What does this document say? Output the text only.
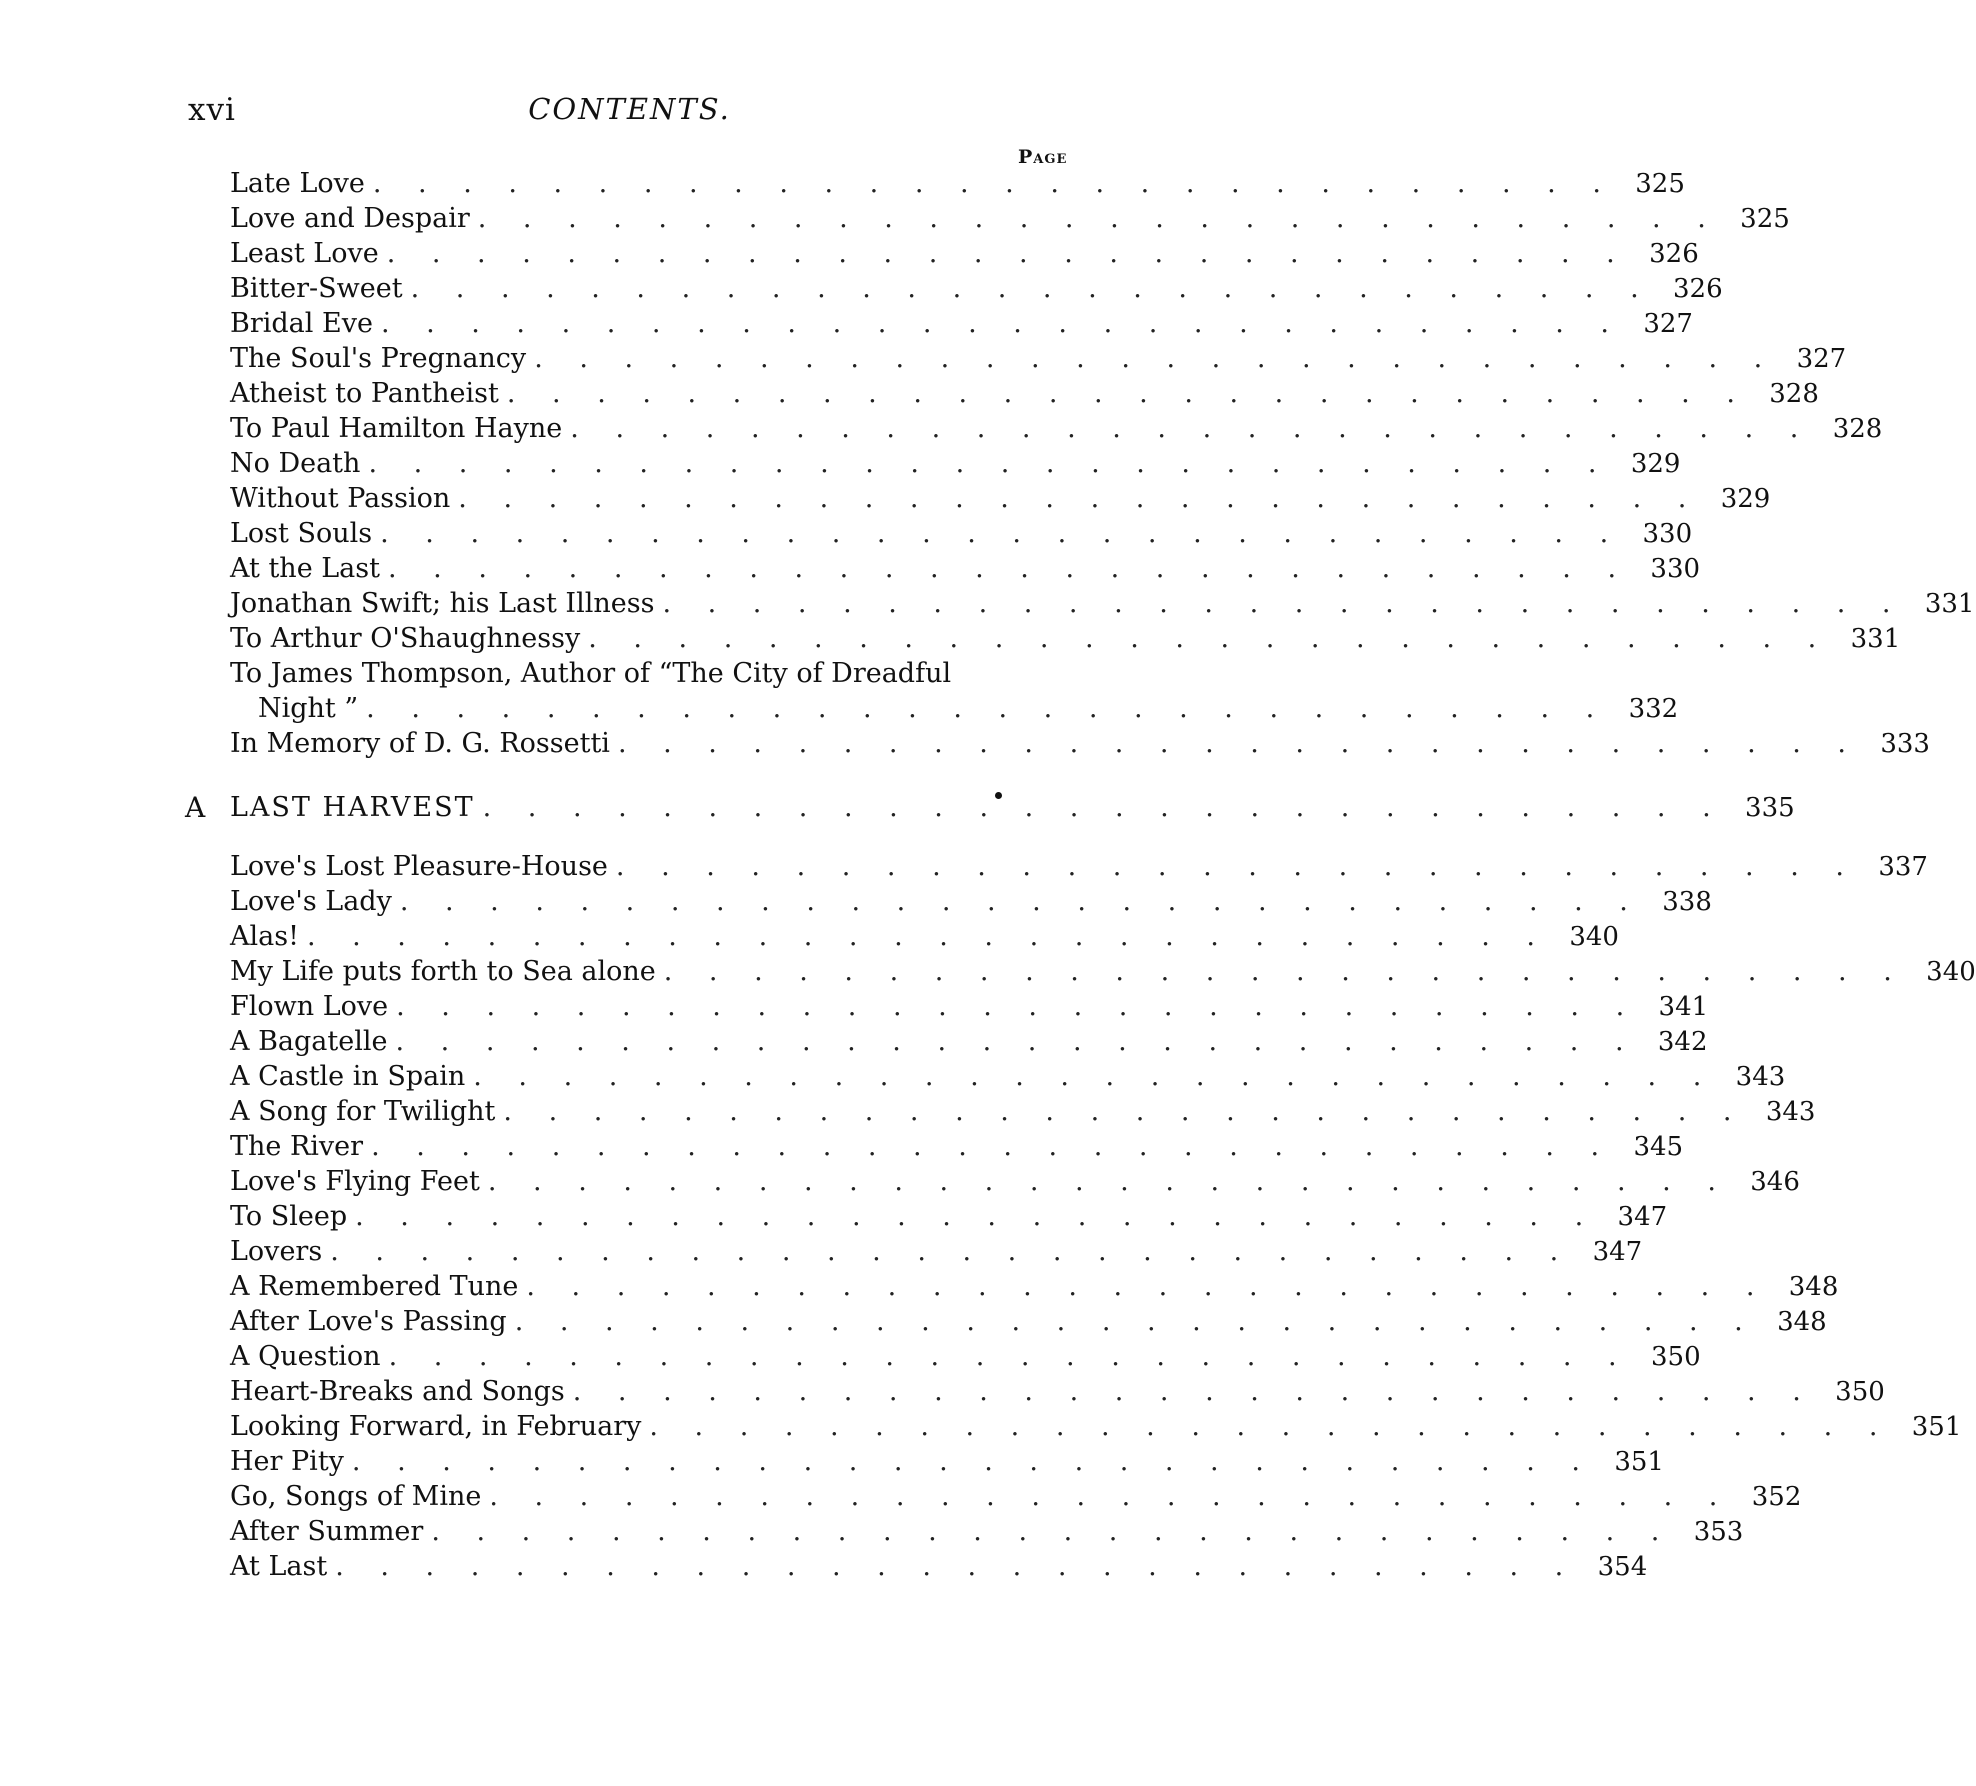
xvi	CONTENTS.
Page
Late Love . . . . . . . . . . . . . . . . . . . . . . . . . . . . 325
Love and Despair . . . . . . . . . . . . . . . . . . . . . . . . . . . . 325
Least Love . . . . . . . . . . . . . . . . . . . . . . . . . . . . 326
Bitter-Sweet . . . . . . . . . . . . . . . . . . . . . . . . . . . . 326
Bridal Eve . . . . . . . . . . . . . . . . . . . . . . . . . . . . 327
The Soul's Pregnancy . . . . . . . . . . . . . . . . . . . . . . . . . . . . 327
Atheist to Pantheist . . . . . . . . . . . . . . . . . . . . . . . . . . . . 328
To Paul Hamilton Hayne . . . . . . . . . . . . . . . . . . . . . . . . . . . . 328
No Death . . . . . . . . . . . . . . . . . . . . . . . . . . . . 329
Without Passion . . . . . . . . . . . . . . . . . . . . . . . . . . . . 329
Lost Souls . . . . . . . . . . . . . . . . . . . . . . . . . . . . 330
At the Last . . . . . . . . . . . . . . . . . . . . . . . . . . . . 330
Jonathan Swift; his Last Illness . . . . . . . . . . . . . . . . . . . . . . . . . . . . 331
To Arthur O'Shaughnessy . . . . . . . . . . . . . . . . . . . . . . . . . . . . 331
To James Thompson, Author of “The City of Dreadful
Night ” . . . . . . . . . . . . . . . . . . . . . . . . . . . . 332
In Memory of D. G. Rossetti . . . . . . . . . . . . . . . . . . . . . . . . . . . . 333
A LAST HARVEST . . . . . . . . . . . . . . . . . . . . . . . . . . . . 335
Love's Lost Pleasure-House . . . . . . . . . . . . . . . . . . . . . . . . . . . . 337
Love's Lady . . . . . . . . . . . . . . . . . . . . . . . . . . . . 338
Alas! . . . . . . . . . . . . . . . . . . . . . . . . . . . . 340
My Life puts forth to Sea alone . . . . . . . . . . . . . . . . . . . . . . . . . . . . 340
Flown Love . . . . . . . . . . . . . . . . . . . . . . . . . . . . 341
A Bagatelle . . . . . . . . . . . . . . . . . . . . . . . . . . . . 342
A Castle in Spain . . . . . . . . . . . . . . . . . . . . . . . . . . . . 343
A Song for Twilight . . . . . . . . . . . . . . . . . . . . . . . . . . . . 343
The River . . . . . . . . . . . . . . . . . . . . . . . . . . . . 345
Love's Flying Feet . . . . . . . . . . . . . . . . . . . . . . . . . . . . 346
To Sleep . . . . . . . . . . . . . . . . . . . . . . . . . . . . 347
Lovers . . . . . . . . . . . . . . . . . . . . . . . . . . . . 347
A Remembered Tune . . . . . . . . . . . . . . . . . . . . . . . . . . . . 348
After Love's Passing . . . . . . . . . . . . . . . . . . . . . . . . . . . . 348
A Question . . . . . . . . . . . . . . . . . . . . . . . . . . . . 350
Heart-Breaks and Songs . . . . . . . . . . . . . . . . . . . . . . . . . . . . 350
Looking Forward, in February . . . . . . . . . . . . . . . . . . . . . . . . . . . . 351
Her Pity . . . . . . . . . . . . . . . . . . . . . . . . . . . . 351
Go, Songs of Mine . . . . . . . . . . . . . . . . . . . . . . . . . . . . 352
After Summer . . . . . . . . . . . . . . . . . . . . . . . . . . . . 353
At Last . . . . . . . . . . . . . . . . . . . . . . . . . . . . 354
